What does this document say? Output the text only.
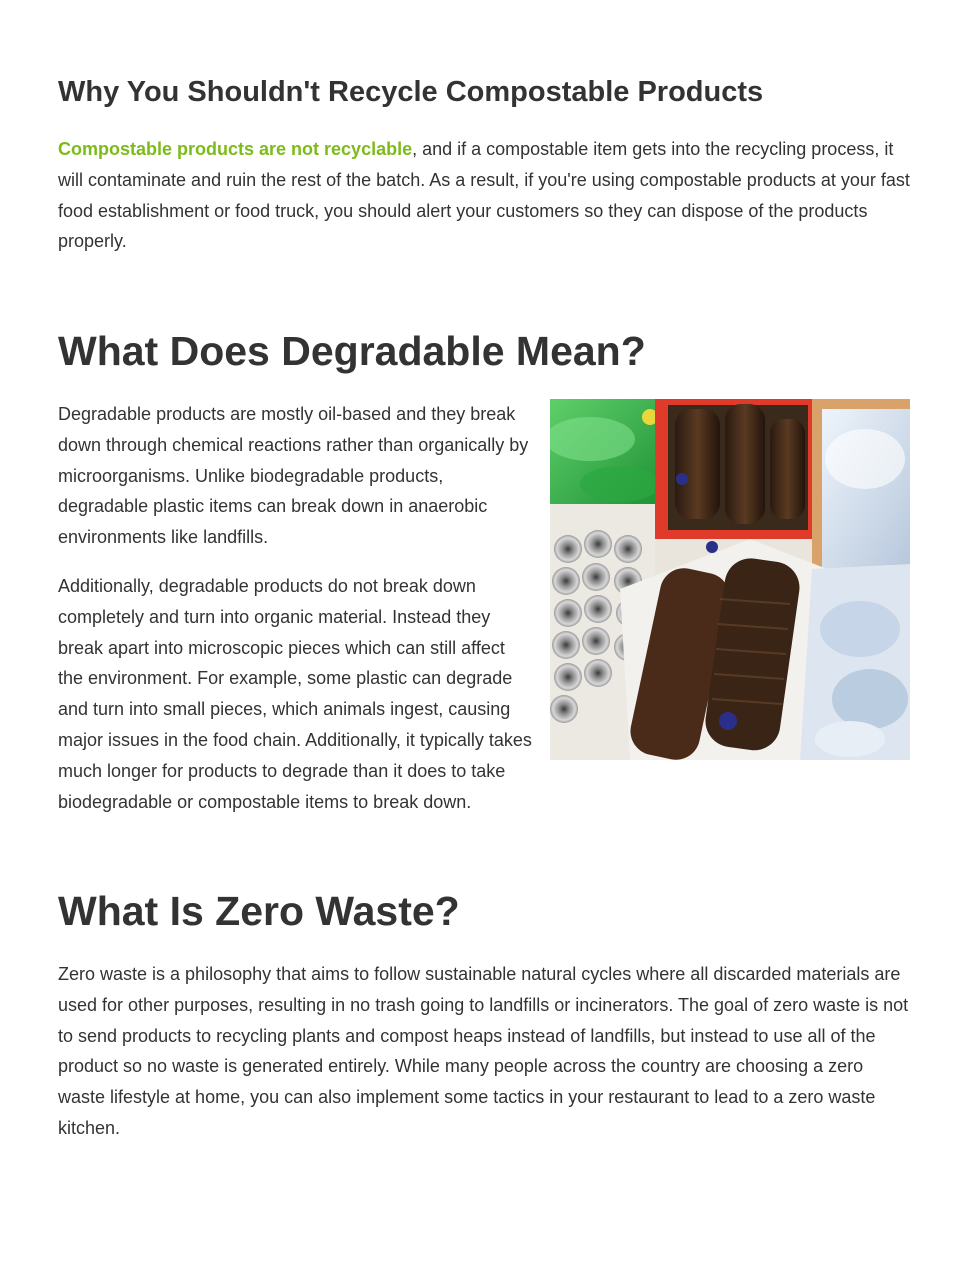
Why You Shouldn't Recycle Compostable Products

Compostable products are not recyclable, and if a compostable item gets into the recycling process, it will contaminate and ruin the rest of the batch. As a result, if you're using compostable products at your fast food establishment or food truck, you should alert your customers so they can dispose of the products properly.

What Does Degradable Mean?

Degradable products are mostly oil-based and they break down through chemical reactions rather than organically by microorganisms. Unlike biodegradable products, degradable plastic items can break down in anaerobic environments like landfills.

Additionally, degradable products do not break down completely and turn into organic material. Instead they break apart into microscopic pieces which can still affect the environment. For example, some plastic can degrade and turn into small pieces, which animals ingest, causing major issues in the food chain. Additionally, it typically takes much longer for products to degrade than it does to take biodegradable or compostable items to break down.

What Is Zero Waste?

Zero waste is a philosophy that aims to follow sustainable natural cycles where all discarded materials are used for other purposes, resulting in no trash going to landfills or incinerators. The goal of zero waste is not to send products to recycling plants and compost heaps instead of landfills, but instead to use all of the product so no waste is generated entirely. While many people across the country are choosing a zero waste lifestyle at home, you can also implement some tactics in your restaurant to lead to a zero waste kitchen.
